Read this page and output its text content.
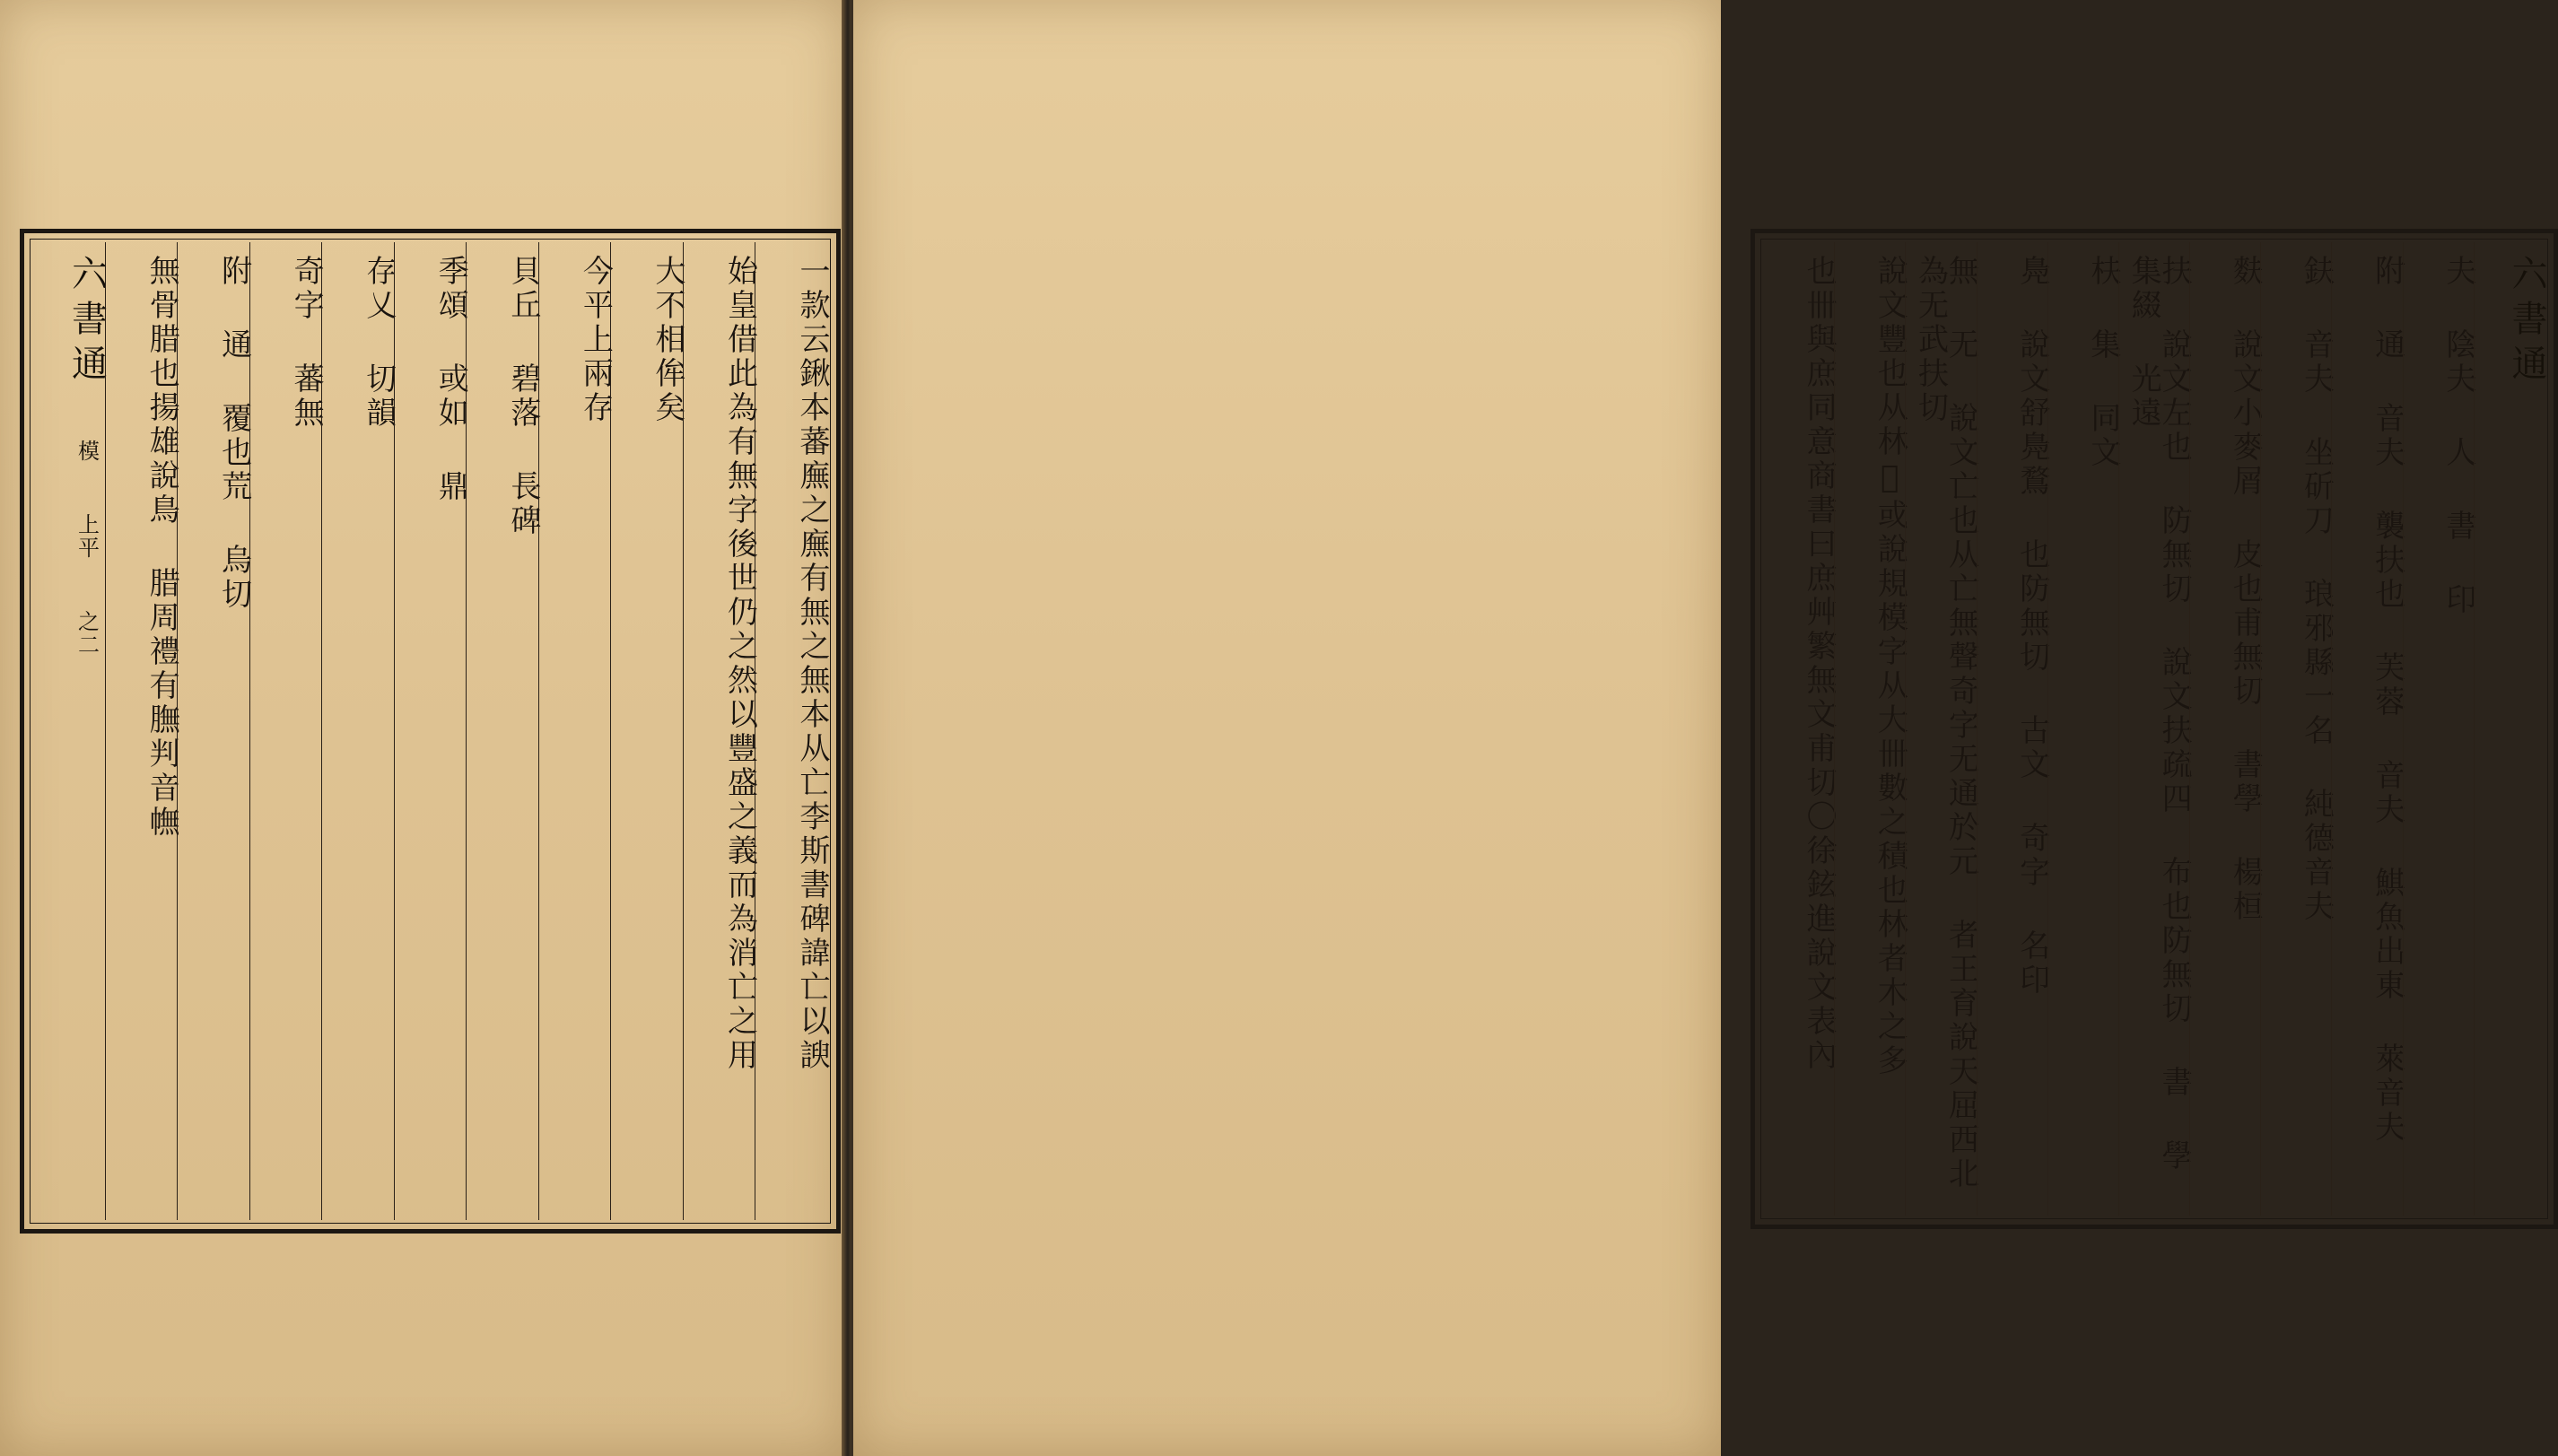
一款云鍬本蕃廡之廡有無之無本从亡李斯書碑諱亡以諛
始皇借此為有無字後世仍之然以豐盛之義而為消亡之用
大不相侔矣
今平上兩存
貝丘 碧落 長碑
季頌 或如 鼎
存乂 切韻
奇字 蕃無
附 通 覆也荒 烏切
無骨腊也揚雄說鳥 腊周禮有膴判音幠
六書通 模 上平 之二
六書通
夫 陰夫 人 書 印
附 通 音夫 襲扶也 芙蓉 音夫 鯕魚出東 萊音夫
鈇 音夫 坐斫刀 琅邪縣一名 純德音夫
麩 說文小麥屑 皮也甫無切 書學 楊桓
扶 說文左也 防無切 說文扶疏四 布也防無切 書 學 集綴 光遠
枎 集 同文
鳧 說文舒鳧鶩 也防無切 古文 奇字 名印
無 无 說文亡也从亡無聲奇字无通於元 者王育說天屈西北為无武扶切
說文豐也从林𣞤或說規模字从大卌數之積也林者木之多
也卌與庶同意商書曰庶艸繁無文甫切〇徐鉉進說文表內
